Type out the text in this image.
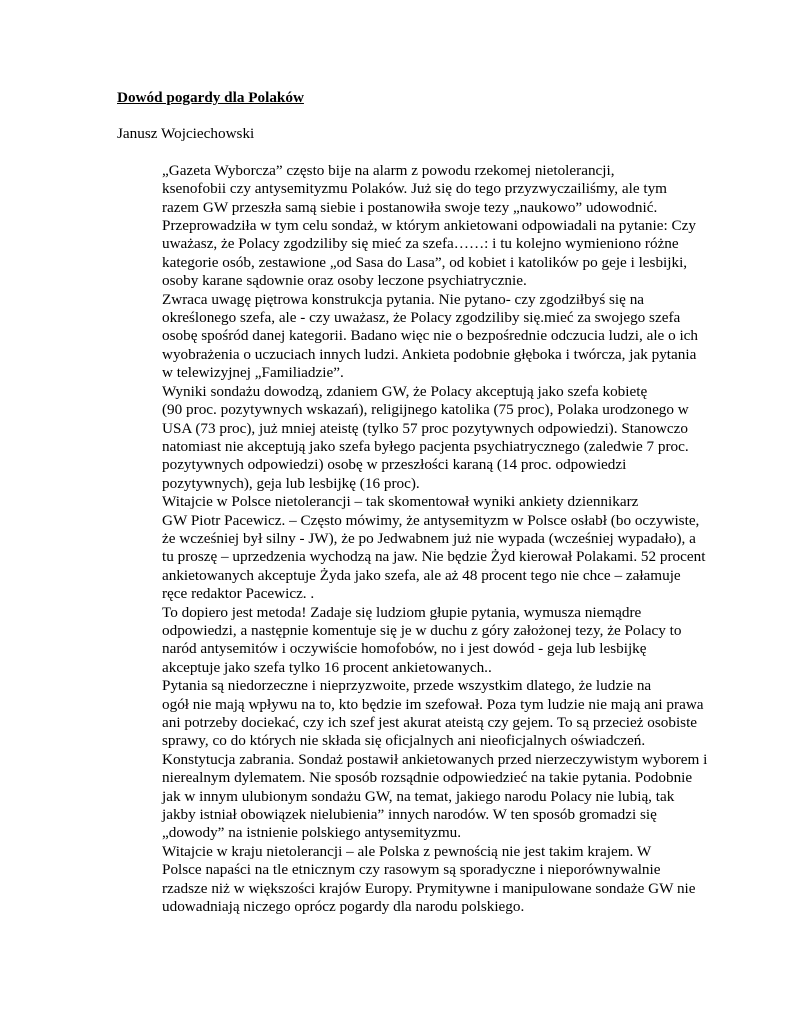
Dowód pogardy dla Polaków
Janusz Wojciechowski

„Gazeta Wyborcza” często bije na alarm z powodu rzekomej nietolerancji,
ksenofobii czy antysemityzmu Polaków. Już się do tego przyzwyczailiśmy, ale tym
razem GW przeszła samą siebie i postanowiła swoje tezy „naukowo” udowodnić.
Przeprowadziła w tym celu sondaż, w którym ankietowani odpowiadali na pytanie: Czy
uważasz, że Polacy zgodziliby się mieć za szefa……: i tu kolejno wymieniono różne
kategorie osób, zestawione „od Sasa do Lasa”, od kobiet i katolików po geje i lesbijki,
osoby karane sądownie oraz osoby leczone psychiatrycznie.

Zwraca uwagę piętrowa konstrukcja pytania. Nie pytano- czy zgodziłbyś się na
określonego szefa, ale - czy uważasz, że Polacy zgodziliby się.mieć za swojego szefa
osobę spośród danej kategorii. Badano więc nie o bezpośrednie odczucia ludzi, ale o ich
wyobrażenia o uczuciach innych ludzi. Ankieta podobnie głęboka i twórcza, jak pytania
w telewizyjnej „Familiadzie”.

Wyniki sondażu dowodzą, zdaniem GW, że Polacy akceptują jako szefa kobietę
(90 proc. pozytywnych wskazań), religijnego katolika (75 proc), Polaka urodzonego w
USA (73 proc), już mniej ateistę (tylko 57 proc pozytywnych odpowiedzi). Stanowczo
natomiast nie akceptują jako szefa byłego pacjenta psychiatrycznego (zaledwie 7 proc.
pozytywnych odpowiedzi) osobę w przeszłości karaną (14 proc. odpowiedzi
pozytywnych), geja lub lesbijkę (16 proc).

Witajcie w Polsce nietolerancji – tak skomentował wyniki ankiety dziennikarz
GW Piotr Pacewicz. – Często mówimy, że antysemityzm w Polsce osłabł (bo oczywiste,
że wcześniej był silny - JW), że po Jedwabnem już nie wypada (wcześniej wypadało), a
tu proszę – uprzedzenia wychodzą na jaw. Nie będzie Żyd kierował Polakami. 52 procent
ankietowanych akceptuje Żyda jako szefa, ale aż 48 procent tego nie chce – załamuje
ręce redaktor Pacewicz. .

To dopiero jest metoda! Zadaje się ludziom głupie pytania, wymusza niemądre
odpowiedzi, a następnie komentuje się je w duchu z góry założonej tezy, że Polacy to
naród antysemitów i oczywiście homofobów, no i jest dowód - geja lub lesbijkę
akceptuje jako szefa tylko 16 procent ankietowanych..

Pytania są niedorzeczne i nieprzyzwoite, przede wszystkim dlatego, że ludzie na
ogół nie mają wpływu na to, kto będzie im szefował. Poza tym ludzie nie mają ani prawa
ani potrzeby dociekać, czy ich szef jest akurat ateistą czy gejem. To są przecież osobiste
sprawy, co do których nie składa się oficjalnych ani nieoficjalnych oświadczeń.
Konstytucja zabrania. Sondaż postawił ankietowanych przed nierzeczywistym wyborem i
nierealnym dylematem. Nie sposób rozsądnie odpowiedzieć na takie pytania. Podobnie
jak w innym ulubionym sondażu GW, na temat, jakiego narodu Polacy nie lubią, tak
jakby istniał obowiązek nielubienia” innych narodów. W ten sposób gromadzi się
„dowody” na istnienie polskiego antysemityzmu.

Witajcie w kraju nietolerancji – ale Polska z pewnością nie jest takim krajem. W
Polsce napaści na tle etnicznym czy rasowym są sporadyczne i nieporównywalnie
rzadsze niż w większości krajów Europy. Prymitywne i manipulowane sondaże GW nie
udowadniają niczego oprócz pogardy dla narodu polskiego.
